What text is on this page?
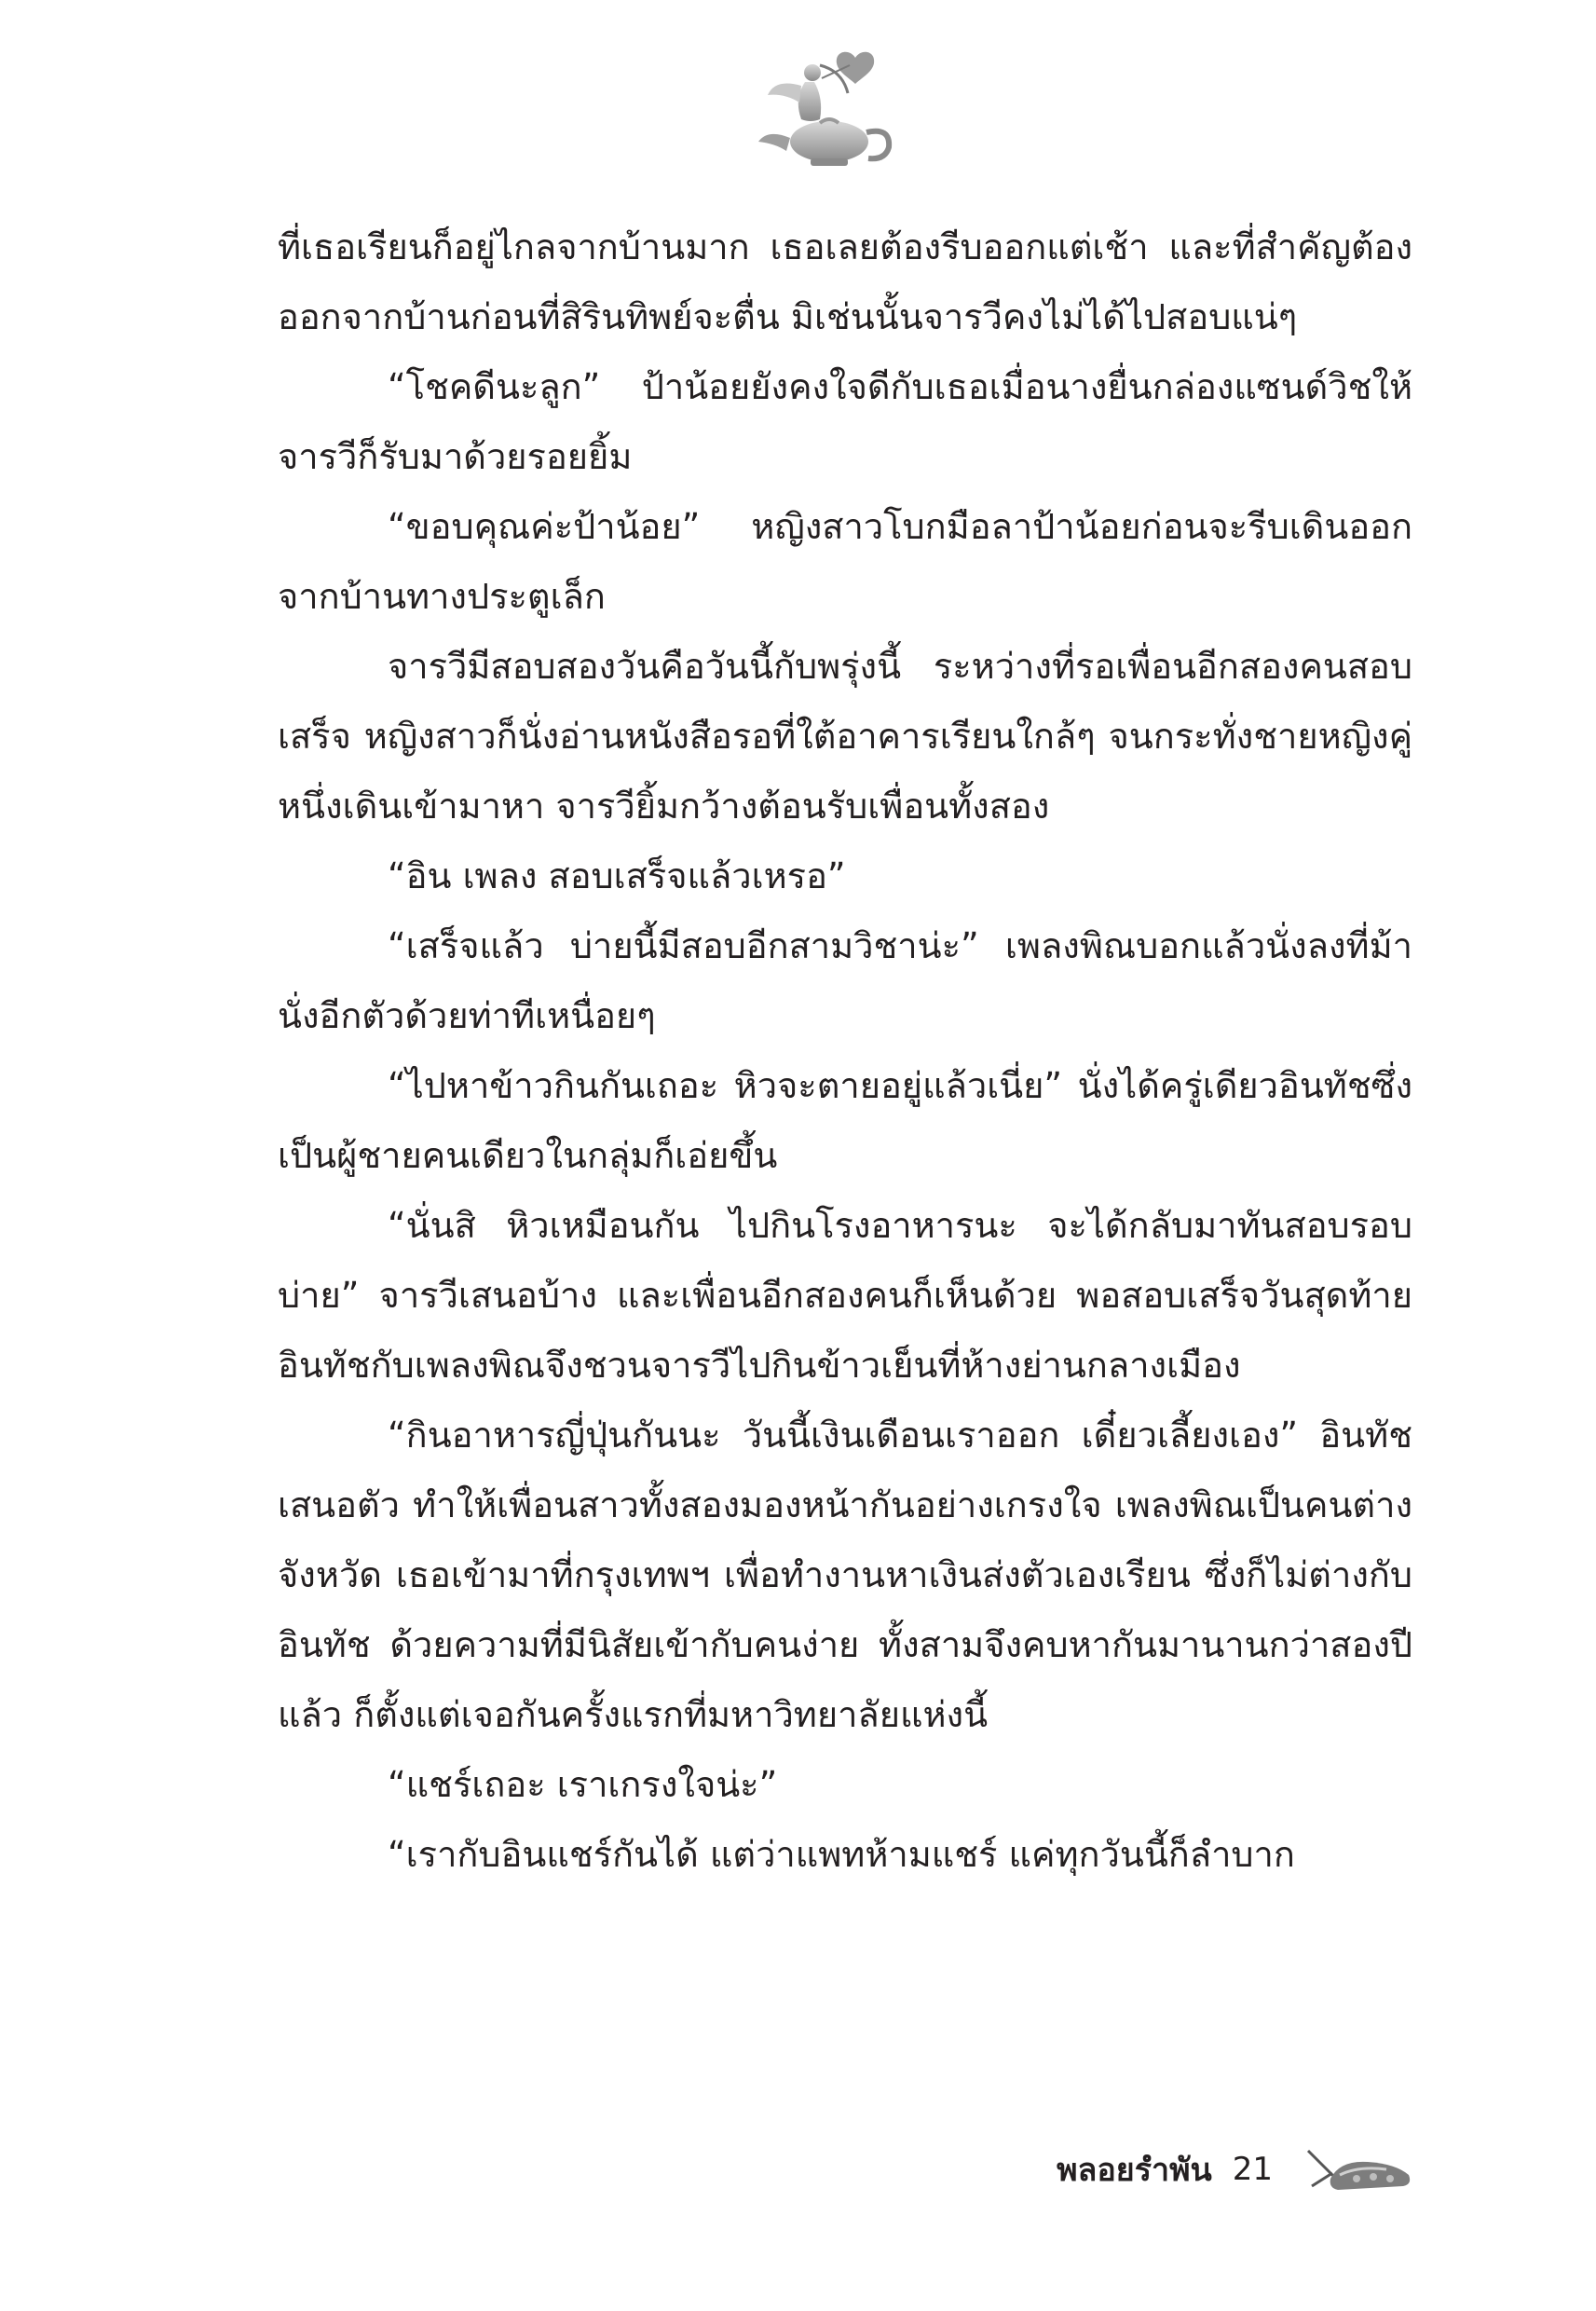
ที่เธอเรียนก็อยู่ไกลจากบ้านมาก เธอเลยต้องรีบออกแต่เช้า และที่สำคัญต้องออกจากบ้านก่อนที่สิรินทิพย์จะตื่น มิเช่นนั้นจารวีคงไม่ได้ไปสอบแน่ๆ

“โชคดีนะลูก” ป้าน้อยยังคงใจดีกับเธอเมื่อนางยื่นกล่องแซนด์วิชให้จารวีก็รับมาด้วยรอยยิ้ม

“ขอบคุณค่ะป้าน้อย” หญิงสาวโบกมือลาป้าน้อยก่อนจะรีบเดินออกจากบ้านทางประตูเล็ก

จารวีมีสอบสองวันคือวันนี้กับพรุ่งนี้ ระหว่างที่รอเพื่อนอีกสองคนสอบเสร็จ หญิงสาวก็นั่งอ่านหนังสือรอที่ใต้อาคารเรียนใกล้ๆ จนกระทั่งชายหญิงคู่หนึ่งเดินเข้ามาหา จารวียิ้มกว้างต้อนรับเพื่อนทั้งสอง

“อิน เพลง สอบเสร็จแล้วเหรอ”

“เสร็จแล้ว บ่ายนี้มีสอบอีกสามวิชาน่ะ” เพลงพิณบอกแล้วนั่งลงที่ม้านั่งอีกตัวด้วยท่าทีเหนื่อยๆ

“ไปหาข้าวกินกันเถอะ หิวจะตายอยู่แล้วเนี่ย” นั่งได้ครู่เดียวอินทัชซึ่งเป็นผู้ชายคนเดียวในกลุ่มก็เอ่ยขึ้น

“นั่นสิ หิวเหมือนกัน ไปกินโรงอาหารนะ จะได้กลับมาทันสอบรอบบ่าย” จารวีเสนอบ้าง และเพื่อนอีกสองคนก็เห็นด้วย พอสอบเสร็จวันสุดท้ายอินทัชกับเพลงพิณจึงชวนจารวีไปกินข้าวเย็นที่ห้างย่านกลางเมือง

“กินอาหารญี่ปุ่นกันนะ วันนี้เงินเดือนเราออก เดี๋ยวเลี้ยงเอง” อินทัชเสนอตัว ทำให้เพื่อนสาวทั้งสองมองหน้ากันอย่างเกรงใจ เพลงพิณเป็นคนต่างจังหวัด เธอเข้ามาที่กรุงเทพฯ เพื่อทำงานหาเงินส่งตัวเองเรียน ซึ่งก็ไม่ต่างกับอินทัช ด้วยความที่มีนิสัยเข้ากับคนง่าย ทั้งสามจึงคบหากันมานานกว่าสองปีแล้ว ก็ตั้งแต่เจอกันครั้งแรกที่มหาวิทยาลัยแห่งนี้

“แชร์เถอะ เราเกรงใจน่ะ”

“เรากับอินแชร์กันได้ แต่ว่าแพทห้ามแชร์ แค่ทุกวันนี้ก็ลำบาก

พลอยรำพัน 21
